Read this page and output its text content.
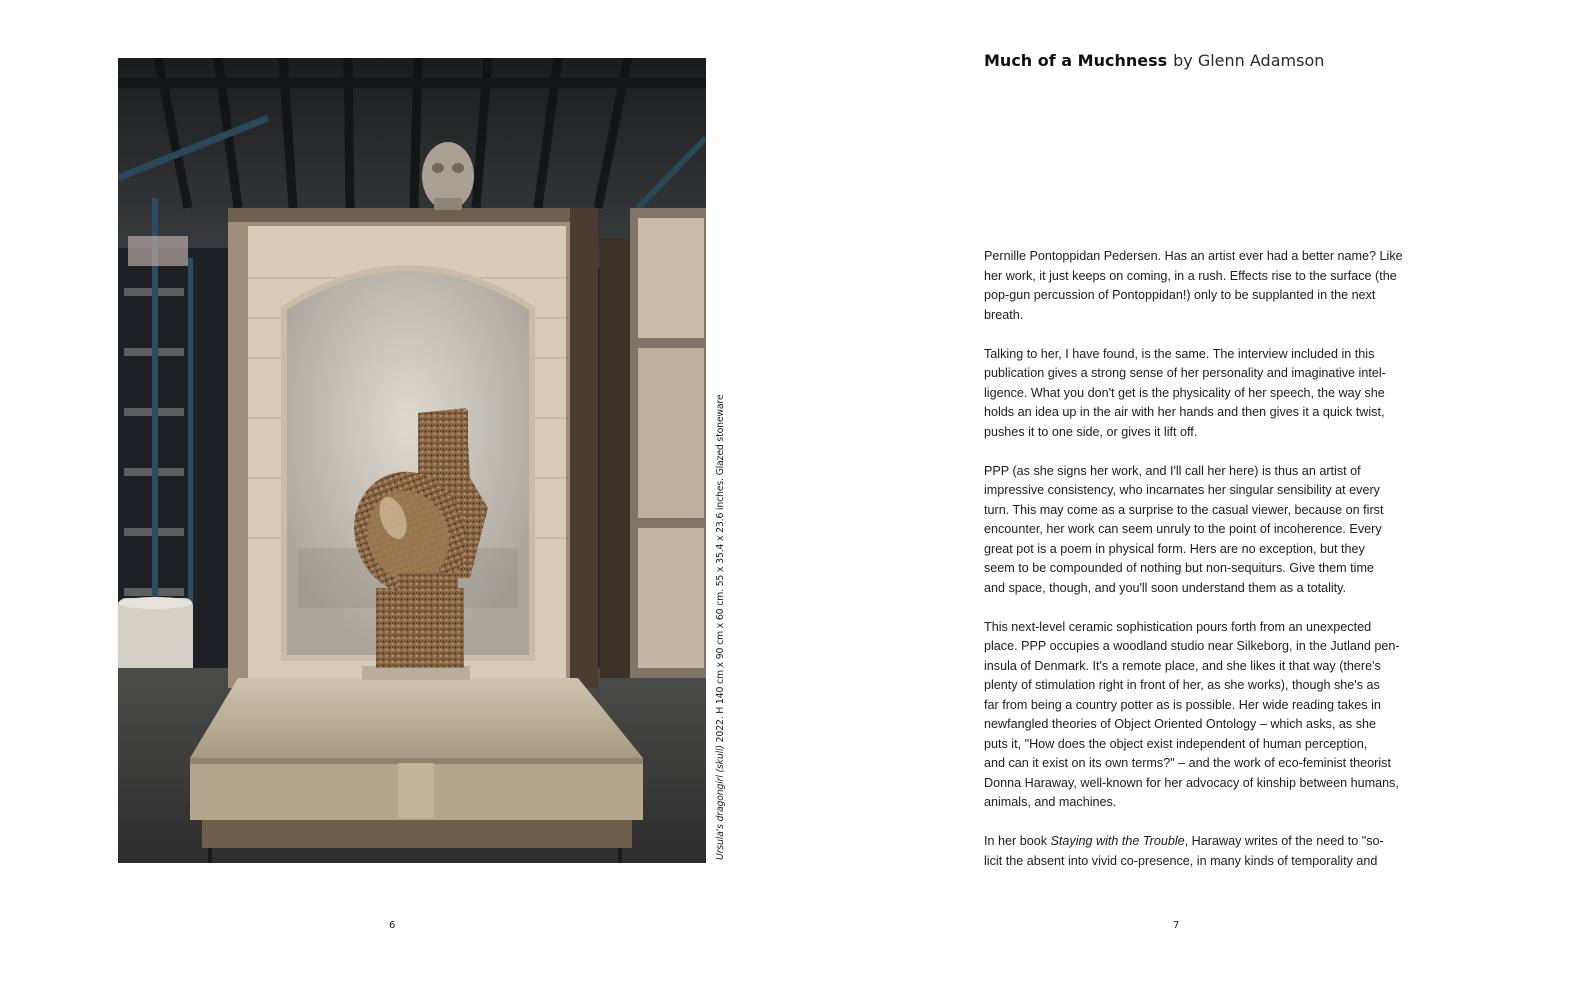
Ursula's dragongirl (skull) 2022. H 140 cm x 90 cm x 60 cm. 55 x 35.4 x 23.6 inches. Glazed stoneware
6
Much of a Muchness by Glenn Adamson

Pernille Pontoppidan Pedersen. Has an artist ever had a better name? Like
her work, it just keeps on coming, in a rush. Effects rise to the surface (the
pop-gun percussion of Pontoppidan!) only to be supplanted in the next
breath.

Talking to her, I have found, is the same. The interview included in this
publication gives a strong sense of her personality and imaginative intel-
ligence. What you don't get is the physicality of her speech, the way she
holds an idea up in the air with her hands and then gives it a quick twist,
pushes it to one side, or gives it lift off.

PPP (as she signs her work, and I'll call her here) is thus an artist of
impressive consistency, who incarnates her singular sensibility at every
turn. This may come as a surprise to the casual viewer, because on first
encounter, her work can seem unruly to the point of incoherence. Every
great pot is a poem in physical form. Hers are no exception, but they
seem to be compounded of nothing but non-sequiturs. Give them time
and space, though, and you'll soon understand them as a totality.

This next-level ceramic sophistication pours forth from an unexpected
place. PPP occupies a woodland studio near Silkeborg, in the Jutland pen-
insula of Denmark. It's a remote place, and she likes it that way (there's
plenty of stimulation right in front of her, as she works), though she's as
far from being a country potter as is possible. Her wide reading takes in
newfangled theories of Object Oriented Ontology – which asks, as she
puts it, "How does the object exist independent of human perception,
and can it exist on its own terms?" – and the work of eco-feminist theorist
Donna Haraway, well-known for her advocacy of kinship between humans,
animals, and machines.

In her book Staying with the Trouble, Haraway writes of the need to "so-
licit the absent into vivid co-presence, in many kinds of temporality and

7
